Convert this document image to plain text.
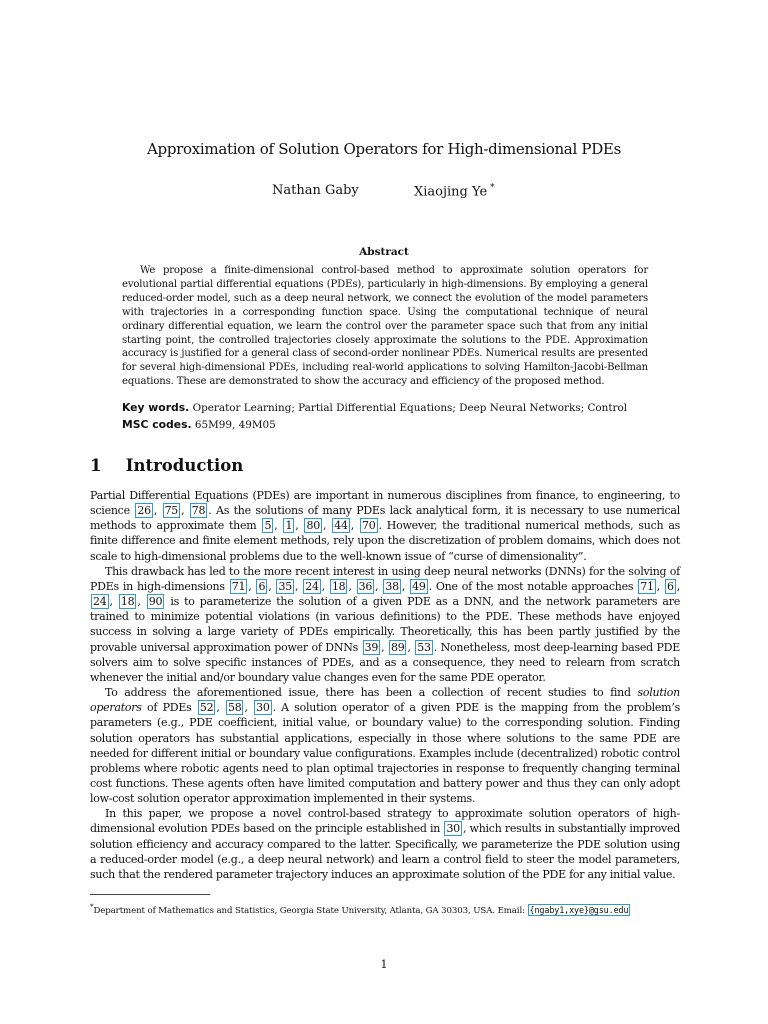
Approximation of Solution Operators for High-dimensional PDEs
Nathan Gaby	Xiaojing Ye *
Abstract
We propose a finite-dimensional control-based method to approximate solution operators for evolutional partial differential equations (PDEs), particularly in high-dimensions. By employing a general reduced-order model, such as a deep neural network, we connect the evolution of the model parameters with trajectories in a corresponding function space. Using the computational technique of neural ordinary differential equation, we learn the control over the parameter space such that from any initial starting point, the controlled trajectories closely approximate the solutions to the PDE. Approximation accuracy is justified for a general class of second-order nonlinear PDEs. Numerical results are presented for several high-dimensional PDEs, including real-world applications to solving Hamilton-Jacobi-Bellman equations. These are demonstrated to show the accuracy and efficiency of the proposed method.
Key words. Operator Learning; Partial Differential Equations; Deep Neural Networks; Control
MSC codes. 65M99, 49M05
1 Introduction

Partial Differential Equations (PDEs) are important in numerous disciplines from finance, to engineering, to science 26 , 75 , 78 . As the solutions of many PDEs lack analytical form, it is necessary to use numerical methods to approximate them 5 , 1 , 80 , 44 , 70 . However, the traditional numerical methods, such as finite difference and finite element methods, rely upon the discretization of problem domains, which does not scale to high-dimensional problems due to the well-known issue of “curse of dimensionality”.

This drawback has led to the more recent interest in using deep neural networks (DNNs) for the solving of PDEs in high-dimensions 71 , 6 , 35 , 24 , 18 , 36 , 38 , 49 . One of the most notable approaches 71 , 6 , 24 , 18 , 90 is to parameterize the solution of a given PDE as a DNN, and the network parameters are trained to minimize potential violations (in various definitions) to the PDE. These methods have enjoyed success in solving a large variety of PDEs empirically. Theoretically, this has been partly justified by the provable universal approximation power of DNNs 39 , 89 , 53 . Nonetheless, most deep-learning based PDE solvers aim to solve specific instances of PDEs, and as a consequence, they need to relearn from scratch whenever the initial and/or boundary value changes even for the same PDE operator.

To address the aforementioned issue, there has been a collection of recent studies to find solution operators of PDEs 52 , 58 , 30 . A solution operator of a given PDE is the mapping from the problem’s parameters (e.g., PDE coefficient, initial value, or boundary value) to the corresponding solution. Finding solution operators has substantial applications, especially in those where solutions to the same PDE are needed for different initial or boundary value configurations. Examples include (decentralized) robotic control problems where robotic agents need to plan optimal trajectories in response to frequently changing terminal cost functions. These agents often have limited computation and battery power and thus they can only adopt low-cost solution operator approximation implemented in their systems.

In this paper, we propose a novel control-based strategy to approximate solution operators of high-dimensional evolution PDEs based on the principle established in 30 , which results in substantially improved solution efficiency and accuracy compared to the latter. Specifically, we parameterize the PDE solution using a reduced-order model (e.g., a deep neural network) and learn a control field to steer the model parameters, such that the rendered parameter trajectory induces an approximate solution of the PDE for any initial value.

*Department of Mathematics and Statistics, Georgia State University, Atlanta, GA 30303, USA. Email: {ngaby1,xye}@gsu.edu
1
